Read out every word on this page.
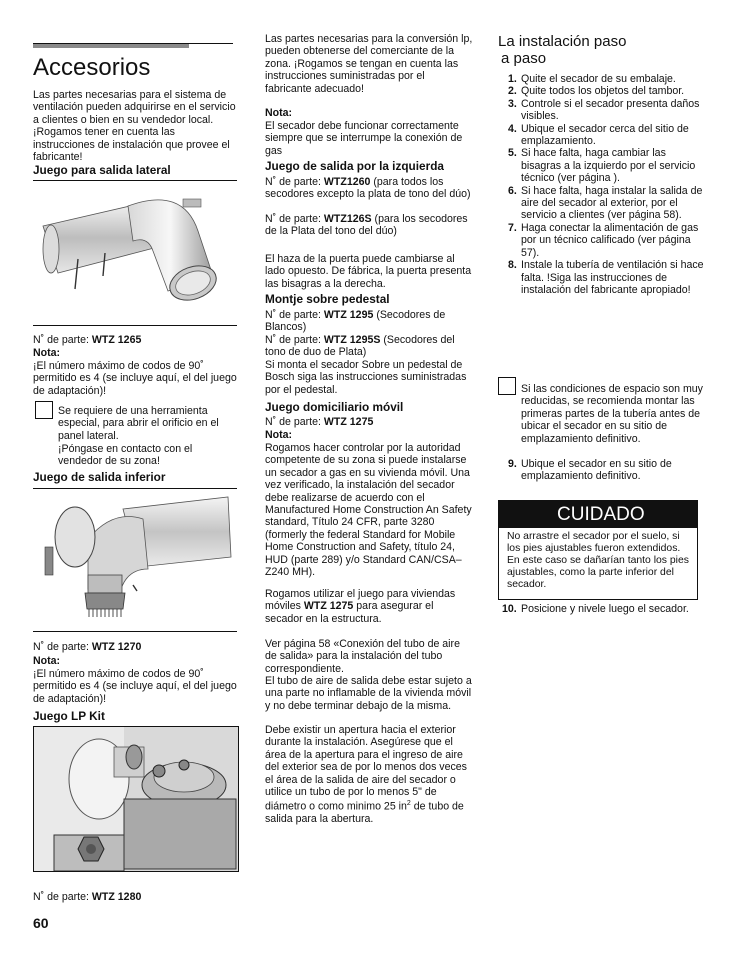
Accesorios

Las partes necesarias para el sistema de ventilación pueden adquirirse en el servicio a clientes o bien en su vendedor local. ¡Rogamos tener en cuenta las instrucciones de instalación que provee el fabricante!

Juego para salida lateral

N˚ de parte: WTZ 1265

Nota:

¡El número máximo de codos de 90˚ permitido es 4 (se incluye aquí, el del juego de adaptación)!

Se requiere de una herramienta especial, para abrir el orificio en el panel lateral.

¡Póngase en contacto con el vendedor de su zona!

Juego de salida inferior

N˚ de parte: WTZ 1270

Nota:

¡El número máximo de codos de 90˚ permitido es 4 (se incluye aquí, el del juego de adaptación)!

Juego LP Kit

N˚ de parte: WTZ 1280

60

Las partes necesarias para la conversión lp, pueden obtenerse del comerciante de la zona. ¡Rogamos se tengan en cuenta las instrucciones suministradas por el fabricante adecuado!

Nota:

El secador debe funcionar correctamente siempre que se interrumpe la conexión de gas

Juego de salida por la izquierda

N˚ de parte: WTZ1260 (para todos los secodores excepto la plata de tono del dúo)

N˚ de parte: WTZ126S (para los secodores de la Plata del tono del dúo)

El haza de la puerta puede cambiarse al lado opuesto. De fábrica, la puerta presenta las bisagras a la derecha.

Montje sobre pedestal

N˚ de parte: WTZ 1295 (Secodores de Blancos)

N˚ de parte: WTZ 1295S (Secodores del tono de duo de Plata)

Si monta el secador Sobre un pedestal de Bosch siga las instrucciones suministradas por el pedestal.

Juego domiciliario móvil

N˚ de parte: WTZ 1275

Nota:

Rogamos hacer controlar por la autoridad competente de su zona si puede instalarse un secador a gas en su vivienda móvil. Una vez verificado, la instalación del secador debe realizarse de acuerdo con el Manufactured Home Construction An Safety standard, Título 24 CFR, parte 3280 (formerly the federal Standard for Mobile Home Construction and Safety, título 24, HUD (parte 289) y/o Standard CAN/CSA–Z240 MH).

Rogamos utilizar el juego para viviendas móviles WTZ 1275 para asegurar el secador en la estructura.

Ver página 58 «Conexión del tubo de aire de salida» para la instalación del tubo correspondiente.

El tubo de aire de salida debe estar sujeto a una parte no inflamable de la vivienda móvil y no debe terminar debajo de la misma.

Debe existir un apertura hacia el exterior durante la instalación. Asegúrese que el área de la apertura para el ingreso de aire del exterior sea de por lo menos dos veces el área de la salida de aire del secador o utilice un tubo de por lo menos 5" de diámetro o como minimo 25 $in^2$ de tubo de salida para la abertura.

La instalación paso
a paso
1. Quite el secador de su embalaje.
2. Quite todos los objetos del tambor.
3. Controle si el secador presenta daños visibles.
4. Ubique el secador cerca del sitio de emplazamiento.
5. Si hace falta, haga cambiar las bisagras a la izquierdo por el servicio técnico (ver página ).
6. Si hace falta, haga instalar la salida de aire del secador al exterior, por el servicio a clientes (ver página 58).
7. Haga conectar la alimentación de gas por un técnico calificado (ver página 57).
8. Instale la tubería de ventilación si hace falta. !Siga las instrucciones de instalación del fabricante apropiado!

Si las condiciones de espacio son muy reducidas, se recomienda montar las primeras partes de la tubería antes de ubicar el secador en su sitio de emplazamiento definitivo.

9. Ubique el secador en su sitio de emplazamiento definitivo.
CUIDADO

No arrastre el secador por el suelo, si los pies ajustables fueron extendidos. En este caso se dañarían tanto los pies ajustables, como la parte inferior del secador.

10. Posicione y nivele luego el secador.
